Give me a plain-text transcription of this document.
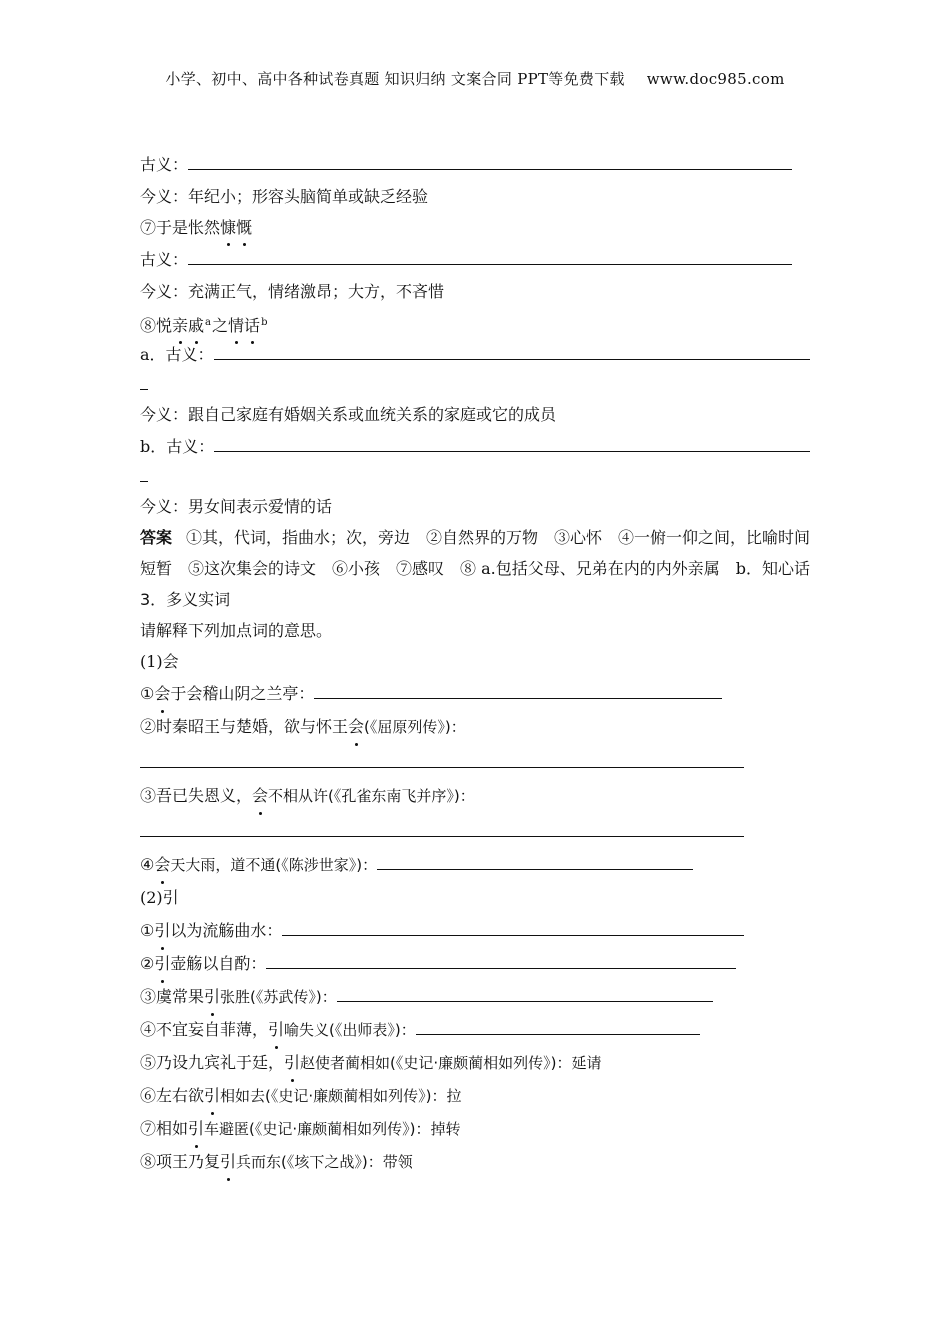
小学、初中、高中各种试卷真题 知识归纳 文案合同 PPT等免费下载 www.doc985.com
古义：
今义：年纪小；形容头脑简单或缺乏经验
⑦于是怅然慷慨
古义：
今义：充满正气，情绪激昂；大方，不吝惜
⑧悦亲戚$^a$之情话$^b$
a．古义：
今义：跟自己家庭有婚姻关系或血统关系的家庭或它的成员
b．古义：
今义：男女间表示爱情的话
答案 ①其，代词，指曲水；次，旁边　②自然界的万物　③心怀　④一俯一仰之间，比喻时间短暂　⑤这次集会的诗文　⑥小孩　⑦感叹　⑧ a.包括父母、兄弟在内的内外亲属　b．知心话
3．多义实词
请解释下列加点词的意思。
(1)会
①会于会稽山阴之兰亭：
②时秦昭王与楚婚，欲与怀王会(《屈原列传》)：
③吾已失恩义，会不相从许(《孔雀东南飞并序》)：
④会天大雨，道不通(《陈涉世家》)：
(2)引
①引以为流觞曲水：
②引壶觞以自酌：
③虞常果引张胜(《苏武传》)：
④不宜妄自菲薄，引喻失义(《出师表》)：
⑤乃设九宾礼于廷，引赵使者蔺相如(《史记·廉颇蔺相如列传》)：延请
⑥左右欲引相如去(《史记·廉颇蔺相如列传》)：拉
⑦相如引车避匿(《史记·廉颇蔺相如列传》)：掉转
⑧项王乃复引兵而东(《垓下之战》)：带领
